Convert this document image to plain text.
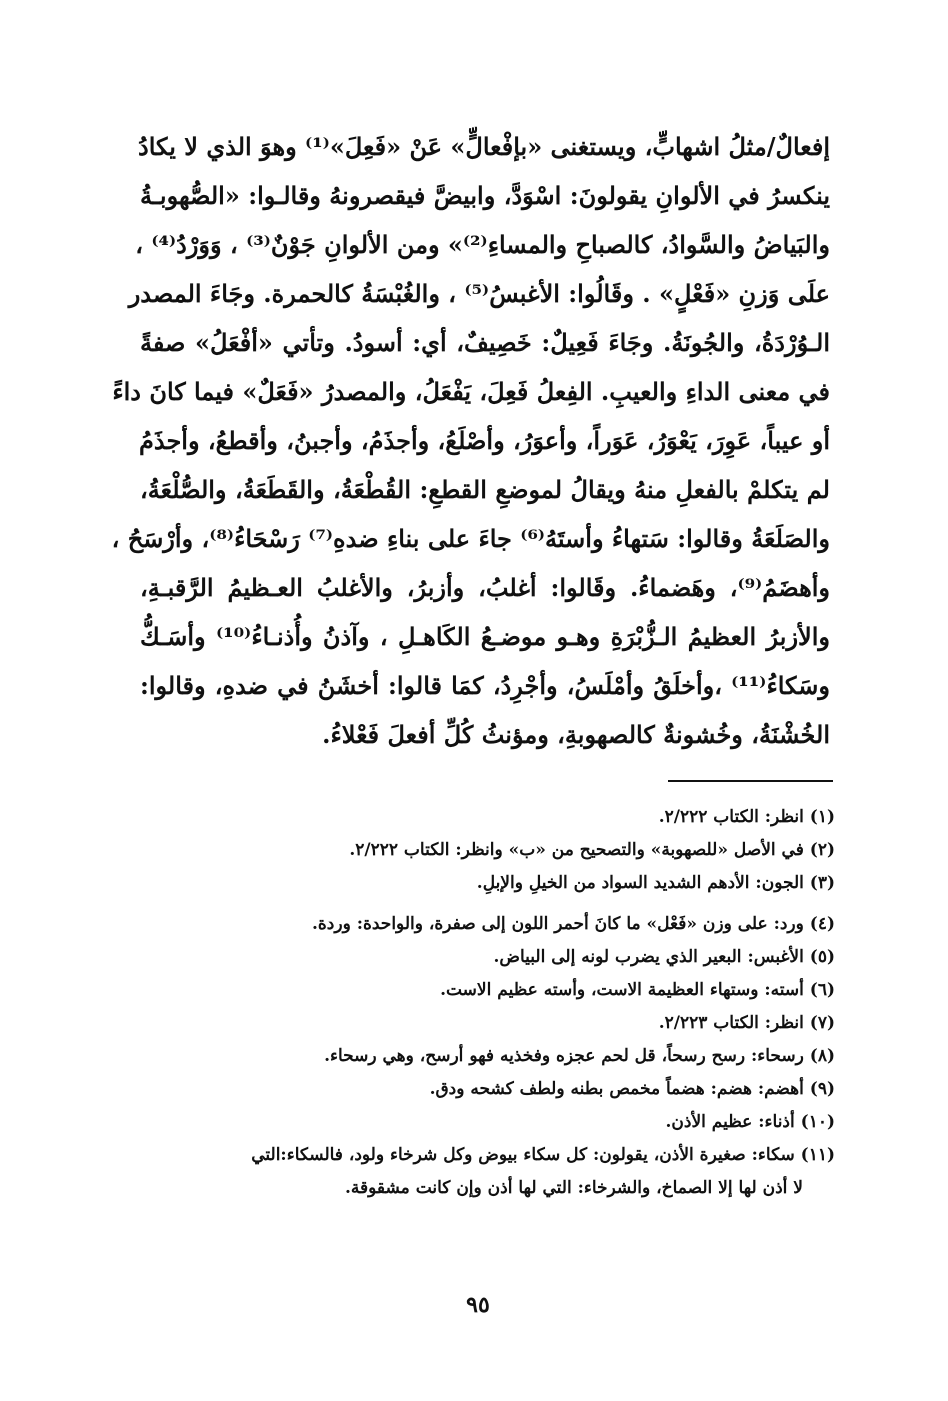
إفعالٌ/مثلُ اشهابٍّ، ويستغنى «بإفْعالٍّ» عَنْ «فَعِلَ»⁽¹⁾ وهوَ الذي لا يكادُ
ينكسرُ في الألوانِ يقولونَ: اسْوَدَّ، وابيضَّ فيقصرونهُ وقالـوا: «الصُّهوبـةُ
والبَياضُ والسَّوادُ، كالصباحِ والمساءِ⁽²⁾» ومن الألوانِ جَوْنٌ⁽³⁾ ، وَوَرْدُ⁽⁴⁾ ،
علَى وَزنِ «فَعْلٍ» . وقَالُوا: الأغبسُ⁽⁵⁾ ، والغُبْسَةُ كالحمرة. وجَاءَ المصدر
الـوُرْدَةُ، والجُونَةُ. وجَاءَ فَعِيلٌ: خَصِيفٌ، أي: أسودُ. وتأتي «أفْعَلُ» صفةً
في معنى الداءِ والعيبِ. الفِعلُ فَعِلَ، يَفْعَلُ، والمصدرُ «فَعَلٌ» فيما كانَ داءً
أو عيباً، عَوِرَ، يَعْوَرُ، عَوَراً، وأعوَرُ، وأصْلَعُ، وأجذَمُ، وأجبنُ، وأقطعُ، وأجذَمُ
لم يتكلمْ بالفعلِ منهُ ويقالُ لموضعِ القطعِ: القُطْعَةُ، والقَطَعَةُ، والصُّلْعَةُ،
والصَلَعَةُ وقالوا: سَتهاءُ وأستَهُ⁽⁶⁾ جاءَ على بناءِ ضدهِ⁽⁷⁾ رَسْحَاءُ⁽⁸⁾، وأرْسَحُ ،
وأهضَمُ⁽⁹⁾، وهَضماءُ. وقَالوا: أغلبُ، وأزبرُ، والأغلبُ العـظيمُ الرَّقبـةِ،
والأزبرُ العظيمُ الـزُّبْرَةِ وهـو موضـعُ الكَاهـلِ ، وآذنُ وأُذنـاءُ⁽¹⁰⁾ وأسَـكُّ
وسَكاءُ⁽¹¹⁾ ،وأخلَقُ وأمْلَسُ، وأجْرِدُ، كمَا قالوا: أخشَنُ في ضدهِ، وقالوا:
الخُشْنَةُ، وخُشونةٌ كالصهوبةِ، ومؤنثُ كُلِّ أفعلَ فَعْلاءُ.
(١) انظر: الكتاب ٢/٢٢٢.
(٢) في الأصل «للصهوبة» والتصحيح من «ب» وانظر: الكتاب ٢/٢٢٢.
(٣) الجون: الأدهم الشديد السواد من الخيلِ والإبلِ.
(٤) ورد: على وزن «فَعْل» ما كانَ أحمر اللون إلى صفرة، والواحدة: وردة.
(٥) الأغبس: البعير الذي يضرب لونه إلى البياض.
(٦) أسته: وستهاء العظيمة الاست، وأسته عظيم الاست.
(٧) انظر: الكتاب ٢/٢٢٣.
(٨) رسحاء: رسح رسحاً، قل لحم عجزه وفخذيه فهو أرسح، وهي رسحاء.
(٩) أهضم: هضم: هضماً مخمص بطنه ولطف كشحه ودق.
(١٠) أذناء: عظيم الأذن.
(١١) سكاء: صغيرة الأذن، يقولون: كل سكاء بيوض وكل شرخاء ولود، فالسكاء:التي
لا أذن لها إلا الصماخ، والشرخاء: التي لها أذن وإن كانت مشقوقة.
٩٥
